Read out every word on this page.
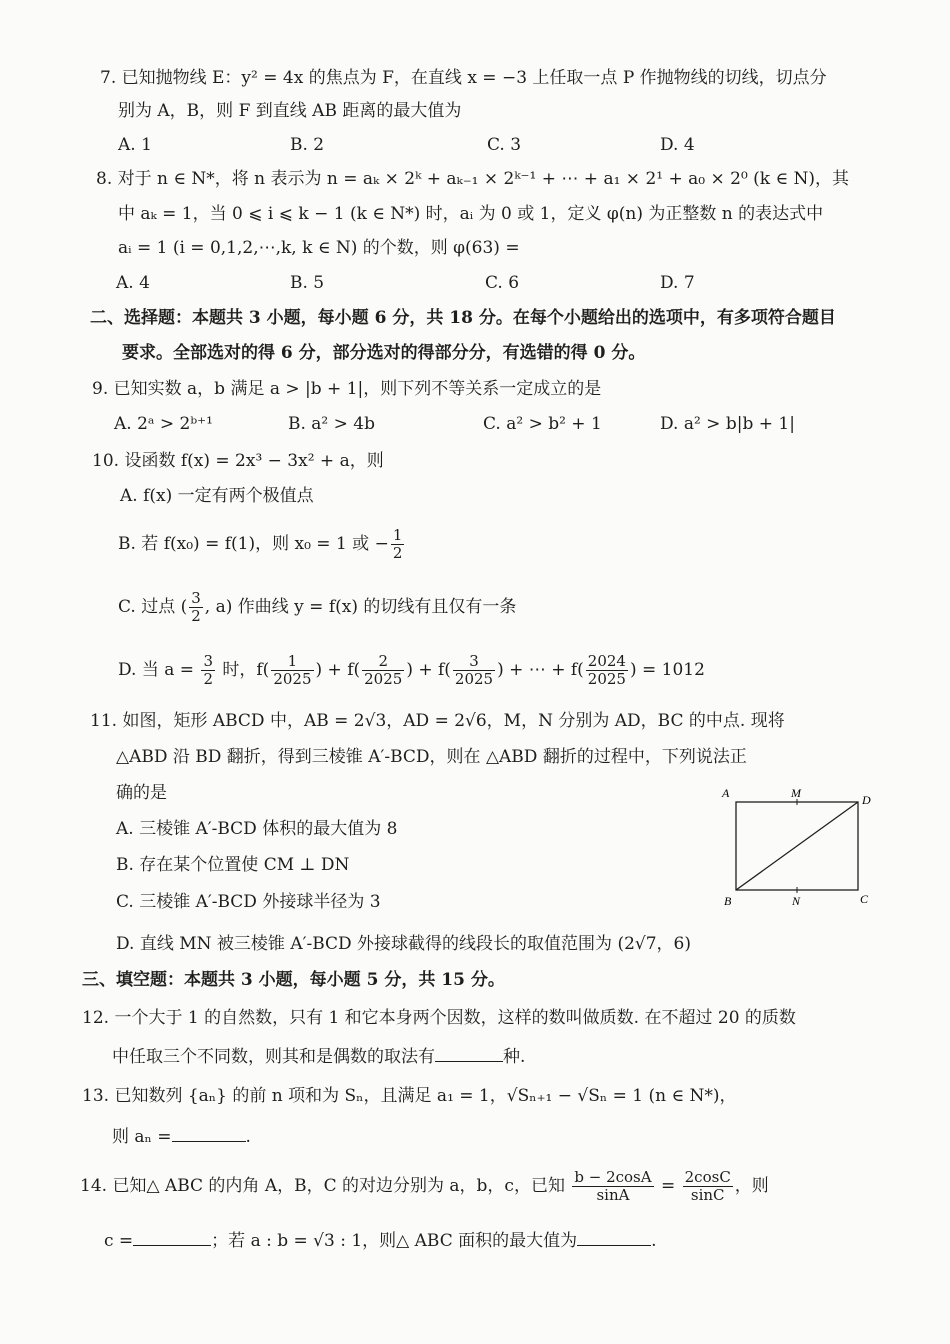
7. 已知抛物线 E：y² = 4x 的焦点为 F，在直线 x = −3 上任取一点 P 作抛物线的切线，切点分
别为 A，B，则 F 到直线 AB 距离的最大值为
A. 1	B. 2	C. 3	D. 4
8. 对于 n ∈ N*，将 n 表示为 n = aₖ × 2ᵏ + aₖ₋₁ × 2ᵏ⁻¹ + ⋯ + a₁ × 2¹ + a₀ × 2⁰ (k ∈ N)，其
中 aₖ = 1，当 0 ⩽ i ⩽ k − 1 (k ∈ N*) 时，aᵢ 为 0 或 1，定义 φ(n) 为正整数 n 的表达式中
aᵢ = 1 (i = 0,1,2,⋯,k, k ∈ N) 的个数，则 φ(63) =
A. 4	B. 5	C. 6	D. 7
二、选择题：本题共 3 小题，每小题 6 分，共 18 分。在每个小题给出的选项中，有多项符合题目
要求。全部选对的得 6 分，部分选对的得部分分，有选错的得 0 分。
9. 已知实数 a，b 满足 a > |b + 1|，则下列不等关系一定成立的是
A. 2ᵃ > 2ᵇ⁺¹	B. a² > 4b	C. a² > b² + 1	D. a² > b|b + 1|
10. 设函数 f(x) = 2x³ − 3x² + a，则
A. f(x) 一定有两个极值点
B. 若 f(x₀) = f(1)，则 x₀ = 1 或 − $\frac{1}{2}$
C. 过点 ( $\frac{3}{2}$ , a) 作曲线 y = f(x) 的切线有且仅有一条
D. 当 $a = \frac{3}{2}$ 时，$f( \frac{1}{2025}$ ) + $f( \frac{2}{2025}$ ) + $f( \frac{3}{2025}$ ) + ⋯ + $f( \frac{2024}{2025}$ ) = 1012
11. 如图，矩形 ABCD 中，AB = 2√3，AD = 2√6，M，N 分别为 AD，BC 的中点. 现将
△ABD 沿 BD 翻折，得到三棱锥 A′-BCD，则在 △ABD 翻折的过程中，下列说法正
确的是
A. 三棱锥 A′-BCD 体积的最大值为 8
B. 存在某个位置使 CM ⊥ DN
C. 三棱锥 A′-BCD 外接球半径为 3
D. 直线 MN 被三棱锥 A′-BCD 外接球截得的线段长的取值范围为 (2√7，6)
A	M	D
B	N	C
三、填空题：本题共 3 小题，每小题 5 分，共 15 分。
12. 一个大于 1 的自然数，只有 1 和它本身两个因数，这样的数叫做质数. 在不超过 20 的质数
中任取三个不同数，则其和是偶数的取法有	种.
13. 已知数列 {aₙ} 的前 n 项和为 Sₙ，且满足 a₁ = 1，√Sₙ₊₁ − √Sₙ = 1 (n ∈ N*)，
则 aₙ =	.
14. 已知△ ABC 的内角 A，B，C 的对边分别为 a，b，c，已知 $\frac{b - 2\cos A}{\sin A} = \frac{2\cos C}{\sin C}$ ，则
c =	；若 a : b = √3 : 1，则△ ABC 面积的最大值为	.
